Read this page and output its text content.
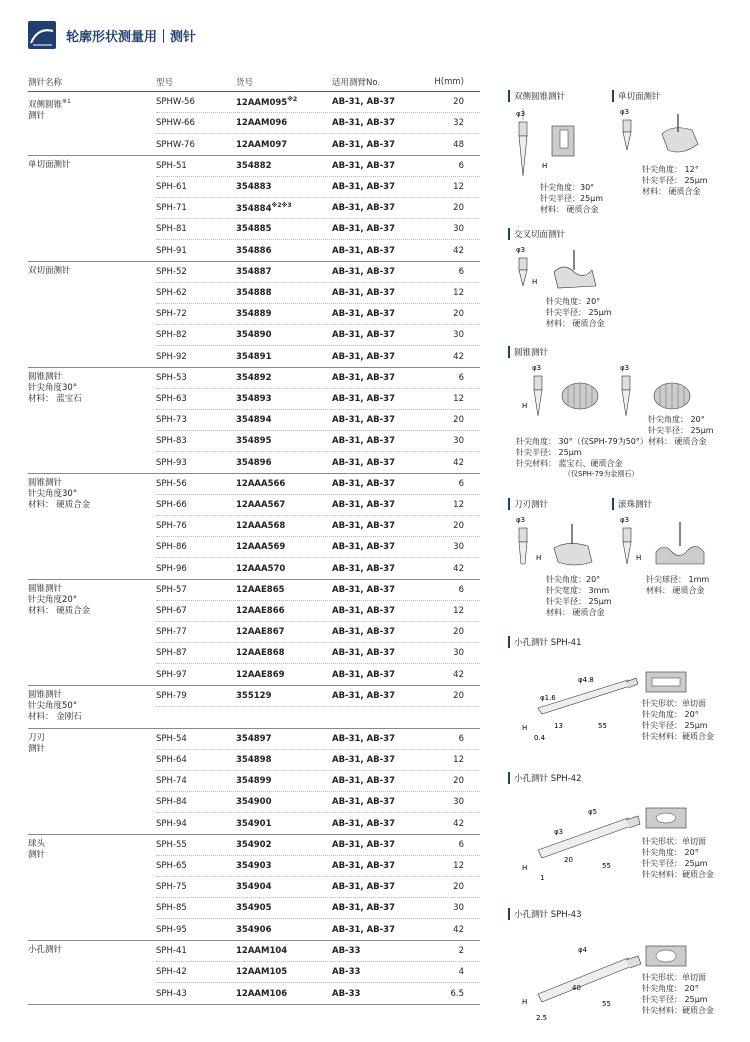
轮廓形状测量用｜测针
测针名称	型号	货号	适用测臂No.	H(mm)
双侧圆锥$^{※1}$
测针
SPHW-56	12AAM095$^{※2}$	AB-31, AB-37	20
SPHW-66	12AAM096	AB-31, AB-37	32
SPHW-76	12AAM097	AB-31, AB-37	48
单切面测针	SPH-51	354882	AB-31, AB-37	6
SPH-61	354883	AB-31, AB-37	12
SPH-71	$354884^{※2※3}$	AB-31, AB-37	20
SPH-81	354885	AB-31, AB-37	30
SPH-91	354886	AB-31, AB-37	42
双切面测针	SPH-52	354887	AB-31, AB-37	6
SPH-62	354888	AB-31, AB-37	12
SPH-72	354889	AB-31, AB-37	20
SPH-82	354890	AB-31, AB-37	30
SPH-92	354891	AB-31, AB-37	42
圆锥测针
针尖角度30°
材料： 蓝宝石
SPH-53	354892	AB-31, AB-37	6
SPH-63	354893	AB-31, AB-37	12
SPH-73	354894	AB-31, AB-37	20
SPH-83	354895	AB-31, AB-37	30
SPH-93	354896	AB-31, AB-37	42
圆锥测针
针尖角度30°
材料： 硬质合金
SPH-56	12AAA566	AB-31, AB-37	6
SPH-66	12AAA567	AB-31, AB-37	12
SPH-76	12AAA568	AB-31, AB-37	20
SPH-86	12AAA569	AB-31, AB-37	30
SPH-96	12AAA570	AB-31, AB-37	42
圆锥测针
针尖角度20°
材料： 硬质合金
SPH-57	12AAE865	AB-31, AB-37	6
SPH-67	12AAE866	AB-31, AB-37	12
SPH-77	12AAE867	AB-31, AB-37	20
SPH-87	12AAE868	AB-31, AB-37	30
SPH-97	12AAE869	AB-31, AB-37	42
圆锥测针
针尖角度50°
材料： 金刚石
SPH-79	355129	AB-31, AB-37	20
刀刃
测针
SPH-54	354897	AB-31, AB-37	6
SPH-64	354898	AB-31, AB-37	12
SPH-74	354899	AB-31, AB-37	20
SPH-84	354900	AB-31, AB-37	30
SPH-94	354901	AB-31, AB-37	42
球头
测针
SPH-55	354902	AB-31, AB-37	6
SPH-65	354903	AB-31, AB-37	12
SPH-75	354904	AB-31, AB-37	20
SPH-85	354905	AB-31, AB-37	30
SPH-95	354906	AB-31, AB-37	42
小孔测针	SPH-41	12AAM104	AB-33	2
SPH-42	12AAM105	AB-33	4
SPH-43	12AAM106	AB-33	6.5
双侧圆锥测针
φ3
H
针尖角度：30°
针尖半径：25μm
材料： 硬质合金
单切面测针
φ3
针尖角度： 12°
针尖半径： 25μm
材料： 硬质合金
交叉切面测针
φ3
H
针尖角度：20°
针尖半径： 25μm
材料： 硬质合金
圆锥测针
φ3
H
φ3
针尖角度： 30°（仅SPH-79为50°）
针尖半径： 25μm
针尖材料： 蓝宝石、硬质合金
（仅SPH-79为金刚石）
针尖角度： 20°
针尖半径： 25μm
材料： 硬质合金
刀刃测针
φ3
H
针尖角度：20°
针尖宽度： 3mm
针尖半径： 25μm
材料： 硬质合金
滚珠测针
φ3
H
针尖球径： 1mm
材料： 硬质合金
小孔测针 SPH-41
φ4.8
φ1.6
13	55
0.4
H
针尖形状：单切面
针尖角度： 20°
针尖半径： 25μm
针尖材料：硬质合金
小孔测针 SPH-42
φ5
φ3
20
55
1
H
针尖形状：单切面
针尖角度： 20°
针尖半径： 25μm
针尖材料：硬质合金
小孔测针 SPH-43
φ4
40
55
2.5
H
针尖形状：单切面
针尖角度： 20°
针尖半径： 25μm
针尖材料：硬质合金
